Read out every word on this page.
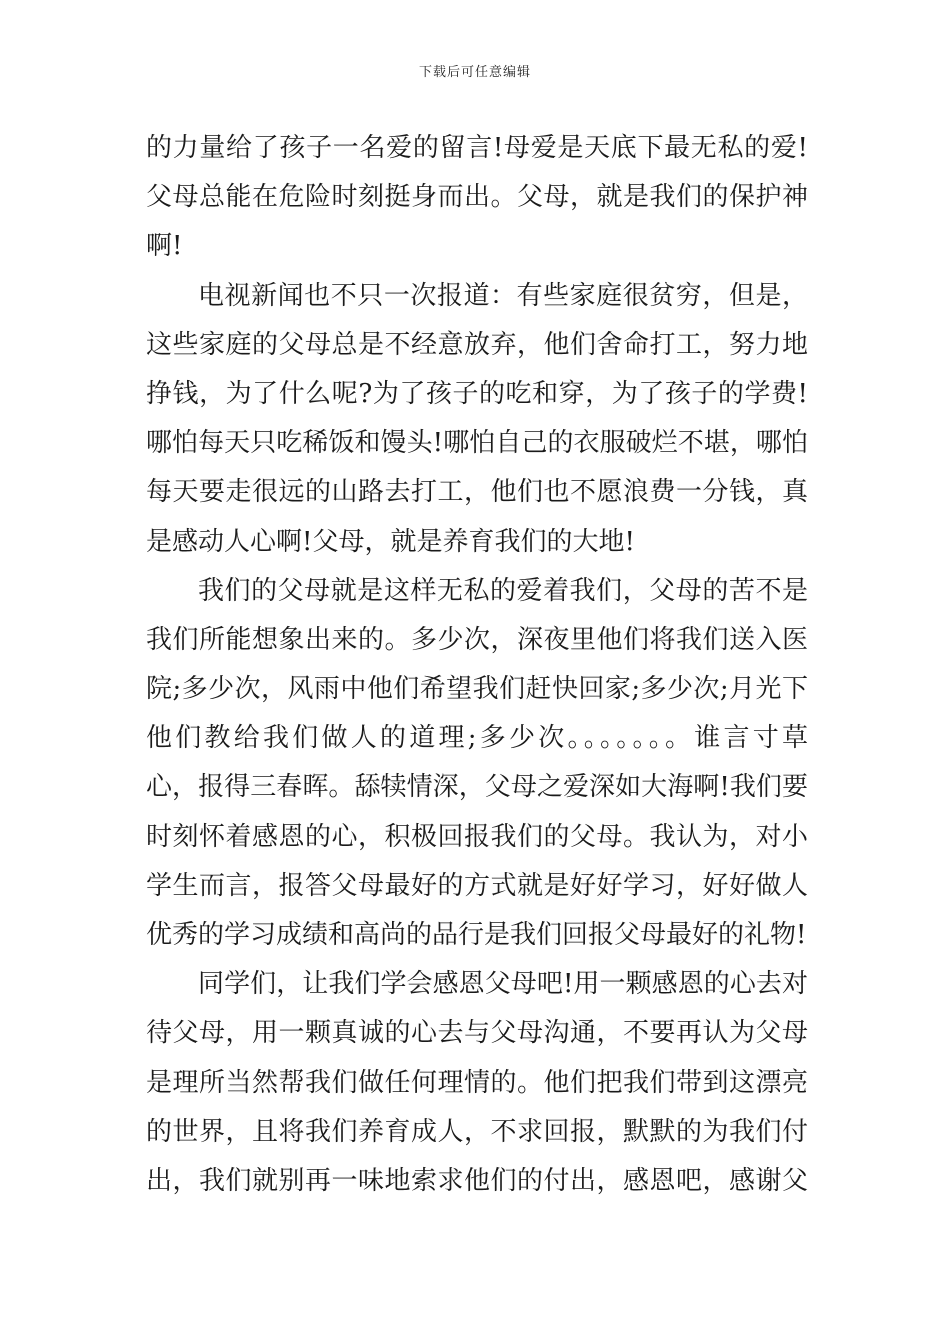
下载后可任意编辑
的力量给了孩子一名爱的留言!母爱是天底下最无私的爱!
父母总能在危险时刻挺身而出。父母，就是我们的保护神
啊!
电视新闻也不只一次报道：有些家庭很贫穷，但是，
这些家庭的父母总是不经意放弃，他们舍命打工，努力地
挣钱，为了什么呢?为了孩子的吃和穿，为了孩子的学费!
哪怕每天只吃稀饭和馒头!哪怕自己的衣服破烂不堪，哪怕
每天要走很远的山路去打工，他们也不愿浪费一分钱，真
是感动人心啊!父母，就是养育我们的大地!
我们的父母就是这样无私的爱着我们，父母的苦不是
我们所能想象出来的。多少次，深夜里他们将我们送入医
院;多少次，风雨中他们希望我们赶快回家;多少次;月光下
他们教给我们做人的道理;多少次。。。。。。。谁言寸草
心，报得三春晖。舔犊情深，父母之爱深如大海啊!我们要
时刻怀着感恩的心，积极回报我们的父母。我认为，对小
学生而言，报答父母最好的方式就是好好学习，好好做人
优秀的学习成绩和高尚的品行是我们回报父母最好的礼物!
同学们，让我们学会感恩父母吧!用一颗感恩的心去对
待父母，用一颗真诚的心去与父母沟通，不要再认为父母
是理所当然帮我们做任何理情的。他们把我们带到这漂亮
的世界，且将我们养育成人，不求回报，默默的为我们付
出，我们就别再一味地索求他们的付出，感恩吧，感谢父
